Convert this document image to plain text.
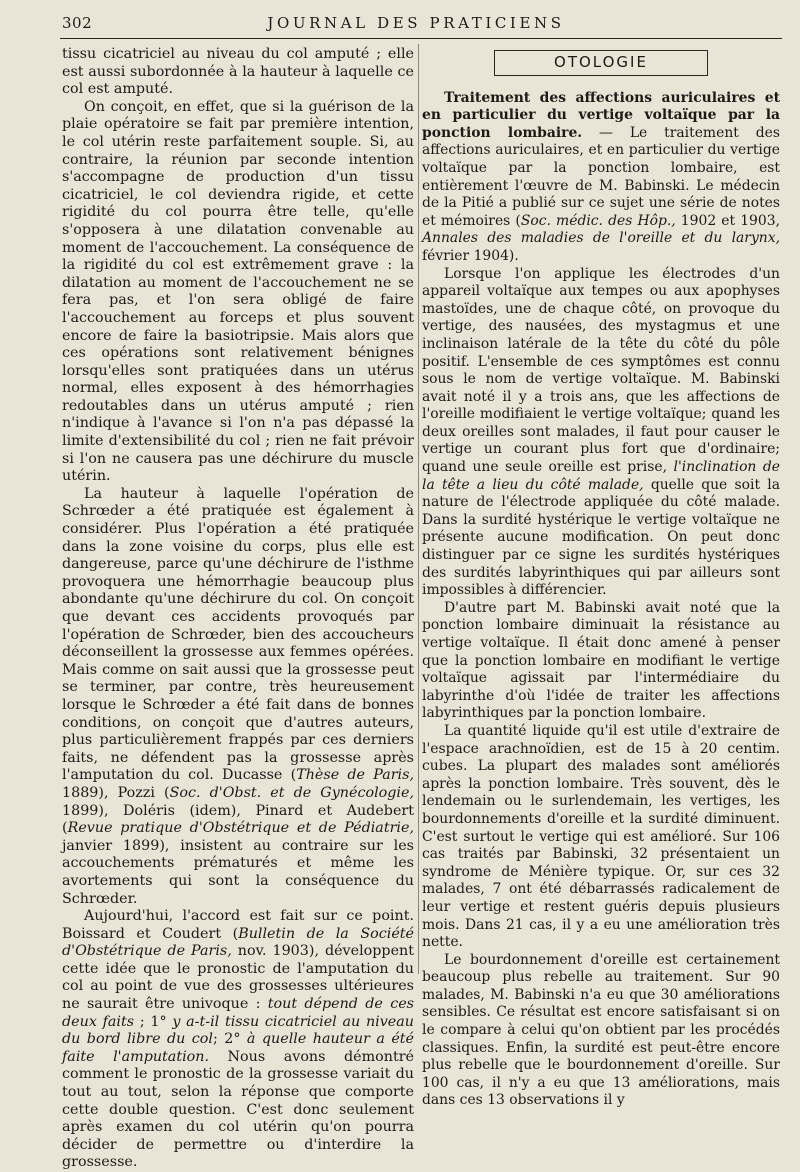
302	JOURNAL DES PRATICIENS

tissu cicatriciel au niveau du col amputé ; elle est aussi subordonnée à la hauteur à laquelle ce col est amputé.

On conçoit, en effet, que si la guérison de la plaie opératoire se fait par première intention, le col utérin reste parfaitement souple. Si, au contraire, la réunion par seconde intention s'accompagne de production d'un tissu cicatriciel, le col deviendra rigide, et cette rigidité du col pourra être telle, qu'elle s'opposera à une dilatation convenable au moment de l'accouchement. La conséquence de la rigidité du col est extrêmement grave : la dilatation au moment de l'accouchement ne se fera pas, et l'on sera obligé de faire l'accouchement au forceps et plus souvent encore de faire la basiotripsie. Mais alors que ces opérations sont relativement bénignes lorsqu'elles sont pratiquées dans un utérus normal, elles exposent à des hémorrhagies redoutables dans un utérus amputé ; rien n'indique à l'avance si l'on n'a pas dépassé la limite d'extensibilité du col ; rien ne fait prévoir si l'on ne causera pas une déchirure du muscle utérin.

La hauteur à laquelle l'opération de Schrœder a été pratiquée est également à considérer. Plus l'opération a été pratiquée dans la zone voisine du corps, plus elle est dangereuse, parce qu'une déchirure de l'isthme provoquera une hémorrhagie beaucoup plus abondante qu'une déchirure du col. On conçoit que devant ces accidents provoqués par l'opération de Schrœder, bien des accoucheurs déconseillent la grossesse aux femmes opérées. Mais comme on sait aussi que la grossesse peut se terminer, par contre, très heureusement lorsque le Schrœder a été fait dans de bonnes conditions, on conçoit que d'autres auteurs, plus particulièrement frappés par ces derniers faits, ne défendent pas la grossesse après l'amputation du col. Ducasse (Thèse de Paris, 1889), Pozzi (Soc. d'Obst. et de Gynécologie, 1899), Doléris (idem), Pinard et Audebert (Revue pratique d'Obstétrique et de Pédiatrie, janvier 1899), insistent au contraire sur les accouchements prématurés et même les avortements qui sont la conséquence du Schrœder.

Aujourd'hui, l'accord est fait sur ce point. Boissard et Coudert (Bulletin de la Société d'Obstétrique de Paris, nov. 1903), développent cette idée que le pronostic de l'amputation du col au point de vue des grossesses ultérieures ne saurait être univoque : tout dépend de ces deux faits ; 1° y a-t-il tissu cicatriciel au niveau du bord libre du col; 2° à quelle hauteur a été faite l'amputation. Nous avons démontré comment le pronostic de la grossesse variait du tout au tout, selon la réponse que comporte cette double question. C'est donc seulement après examen du col utérin qu'on pourra décider de permettre ou d'interdire la grossesse.

OTOLOGIE

Traitement des affections auriculaires et en particulier du vertige voltaïque par la ponction lombaire. — Le traitement des affections auriculaires, et en particulier du vertige voltaïque par la ponction lombaire, est entièrement l'œuvre de M. Babinski. Le médecin de la Pitié a publié sur ce sujet une série de notes et mémoires (Soc. médic. des Hôp., 1902 et 1903, Annales des maladies de l'oreille et du larynx, février 1904).

Lorsque l'on applique les électrodes d'un appareil voltaïque aux tempes ou aux apophyses mastoïdes, une de chaque côté, on provoque du vertige, des nausées, des mystagmus et une inclinaison latérale de la tête du côté du pôle positif. L'ensemble de ces symptômes est connu sous le nom de vertige voltaïque. M. Babinski avait noté il y a trois ans, que les affections de l'oreille modifiaient le vertige voltaïque; quand les deux oreilles sont malades, il faut pour causer le vertige un courant plus fort que d'ordinaire; quand une seule oreille est prise, l'inclination de la tête a lieu du côté malade, quelle que soit la nature de l'électrode appliquée du côté malade. Dans la surdité hystérique le vertige voltaïque ne présente aucune modification. On peut donc distinguer par ce signe les surdités hystériques des surdités labyrinthiques qui par ailleurs sont impossibles à différencier.

D'autre part M. Babinski avait noté que la ponction lombaire diminuait la résistance au vertige voltaïque. Il était donc amené à penser que la ponction lombaire en modifiant le vertige voltaïque agissait par l'intermédiaire du labyrinthe d'où l'idée de traiter les affections labyrinthiques par la ponction lombaire.

La quantité liquide qu'il est utile d'extraire de l'espace arachnoïdien, est de 15 à 20 centim. cubes. La plupart des malades sont améliorés après la ponction lombaire. Très souvent, dès le lendemain ou le surlendemain, les vertiges, les bourdonnements d'oreille et la surdité diminuent. C'est surtout le vertige qui est amélioré. Sur 106 cas traités par Babinski, 32 présentaient un syndrome de Ménière typique. Or, sur ces 32 malades, 7 ont été débarrassés radicalement de leur vertige et restent guéris depuis plusieurs mois. Dans 21 cas, il y a eu une amélioration très nette.

Le bourdonnement d'oreille est certainement beaucoup plus rebelle au traitement. Sur 90 malades, M. Babinski n'a eu que 30 améliorations sensibles. Ce résultat est encore satisfaisant si on le compare à celui qu'on obtient par les procédés classiques. Enfin, la surdité est peut-être encore plus rebelle que le bourdonnement d'oreille. Sur 100 cas, il n'y a eu que 13 améliorations, mais dans ces 13 observations il y
